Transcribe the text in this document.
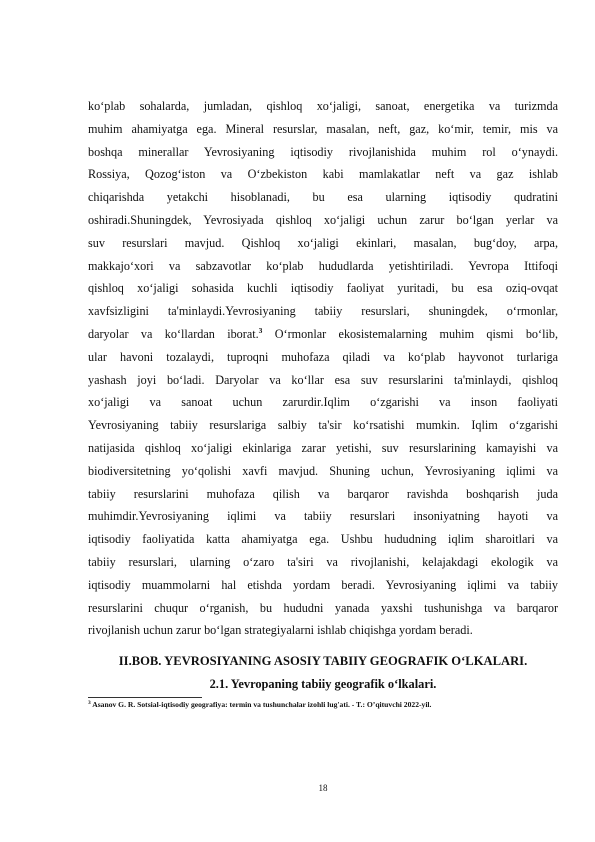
ko‘plab sohalarda, jumladan, qishloq xo‘jaligi, sanoat, energetika va turizmda
muhim ahamiyatga ega. Mineral resurslar, masalan, neft, gaz, ko‘mir, temir, mis va
boshqa minerallar Yevrosiyaning iqtisodiy rivojlanishida muhim rol o‘ynaydi.
Rossiya, Qozog‘iston va O‘zbekiston kabi mamlakatlar neft va gaz ishlab
chiqarishda yetakchi hisoblanadi, bu esa ularning iqtisodiy qudratini
oshiradi.Shuningdek, Yevrosiyada qishloq xo‘jaligi uchun zarur bo‘lgan yerlar va
suv resurslari mavjud. Qishloq xo‘jaligi ekinlari, masalan, bug‘doy, arpa,
makkajo‘xori va sabzavotlar ko‘plab hududlarda yetishtiriladi. Yevropa Ittifoqi
qishloq xo‘jaligi sohasida kuchli iqtisodiy faoliyat yuritadi, bu esa oziq-ovqat
xavfsizligini ta'minlaydi.Yevrosiyaning tabiiy resurslari, shuningdek, o‘rmonlar,
daryolar va ko‘llardan iborat.$^3$ O‘rmonlar ekosistemalarning muhim qismi bo‘lib,
ular havoni tozalaydi, tuproqni muhofaza qiladi va ko‘plab hayvonot turlariga
yashash joyi bo‘ladi. Daryolar va ko‘llar esa suv resurslarini ta'minlaydi, qishloq
xo‘jaligi va sanoat uchun zarurdir.Iqlim o‘zgarishi va inson faoliyati
Yevrosiyaning tabiiy resurslariga salbiy ta'sir ko‘rsatishi mumkin. Iqlim o‘zgarishi
natijasida qishloq xo‘jaligi ekinlariga zarar yetishi, suv resurslarining kamayishi va
biodiversitetning yo‘qolishi xavfi mavjud. Shuning uchun, Yevrosiyaning iqlimi va
tabiiy resurslarini muhofaza qilish va barqaror ravishda boshqarish juda
muhimdir.Yevrosiyaning iqlimi va tabiiy resurslari insoniyatning hayoti va
iqtisodiy faoliyatida katta ahamiyatga ega. Ushbu hududning iqlim sharoitlari va
tabiiy resurslari, ularning o‘zaro ta'siri va rivojlanishi, kelajakdagi ekologik va
iqtisodiy muammolarni hal etishda yordam beradi. Yevrosiyaning iqlimi va tabiiy
resurslarini chuqur o‘rganish, bu hududni yanada yaxshi tushunishga va barqaror
rivojlanish uchun zarur bo‘lgan strategiyalarni ishlab chiqishga yordam beradi.
II.BOB. YEVROSIYANING ASOSIY TABIIY GEOGRAFIK O‘LKALARI.
2.1. Yevropaning tabiiy geografik o‘lkalari.
$^3$ Asanov G. R. Sotsial-iqtisodiy geografiya: termin va tushunchalar izohli lug'ati. - T.: O’qituvchi 2022-yil.
18
